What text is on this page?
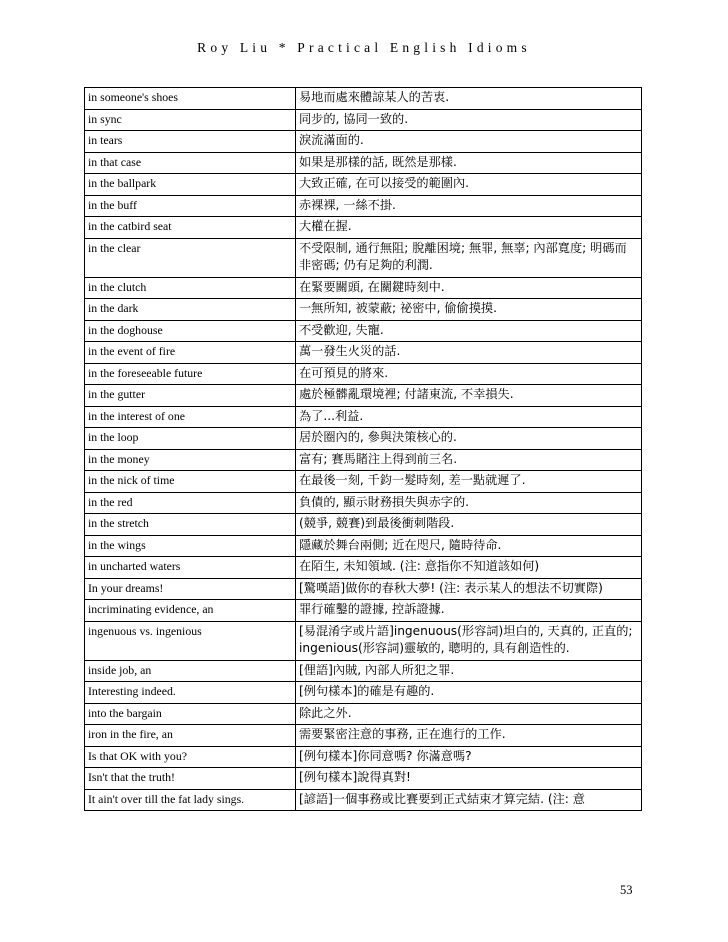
Roy Liu * Practical English Idioms
in someone's shoes	易地而處來體諒某人的苦衷.
in sync	同步的, 協同一致的.
in tears	淚流滿面的.
in that case	如果是那樣的話, 既然是那樣.
in the ballpark	大致正確, 在可以接受的範圍內.
in the buff	赤裸裸, 一絲不掛.
in the catbird seat	大權在握.
in the clear	不受限制, 通行無阻; 脫離困境; 無罪, 無辜; 內部寬度; 明碼而非密碼; 仍有足夠的利潤.
in the clutch	在緊要關頭, 在關鍵時刻中.
in the dark	一無所知, 被蒙蔽; 祕密中, 偷偷摸摸.
in the doghouse	不受歡迎, 失寵.
in the event of fire	萬一發生火災的話.
in the foreseeable future	在可預見的將來.
in the gutter	處於極髒亂環境裡; 付諸東流, 不幸損失.
in the interest of one	為了...利益.
in the loop	居於圈內的, 參與決策核心的.
in the money	富有; 賽馬賭注上得到前三名.
in the nick of time	在最後一刻, 千鈞一髮時刻, 差一點就遲了.
in the red	負債的, 顯示財務損失與赤字的.
in the stretch	(競爭, 競賽)到最後衝刺階段.
in the wings	隱藏於舞台兩側; 近在咫尺, 隨時待命.
in uncharted waters	在陌生, 未知領域. (注: 意指你不知道該如何)
In your dreams!	[驚嘆語]做你的春秋大夢! (注: 表示某人的想法不切實際)
incriminating evidence, an	罪行確鑿的證據, 控訴證據.
ingenuous vs. ingenious	[易混淆字或片語]ingenuous(形容詞)坦白的, 天真的, 正直的; ingenious(形容詞)靈敏的, 聰明的, 具有創造性的.
inside job, an	[俚語]內賊, 內部人所犯之罪.
Interesting indeed.	[例句樣本]的確是有趣的.
into the bargain	除此之外.
iron in the fire, an	需要緊密注意的事務, 正在進行的工作.
Is that OK with you?	[例句樣本]你同意嗎? 你滿意嗎?
Isn't that the truth!	[例句樣本]說得真對!
It ain't over till the fat lady sings.	[諺語]一個事務或比賽要到正式結束才算完結. (注: 意
53
